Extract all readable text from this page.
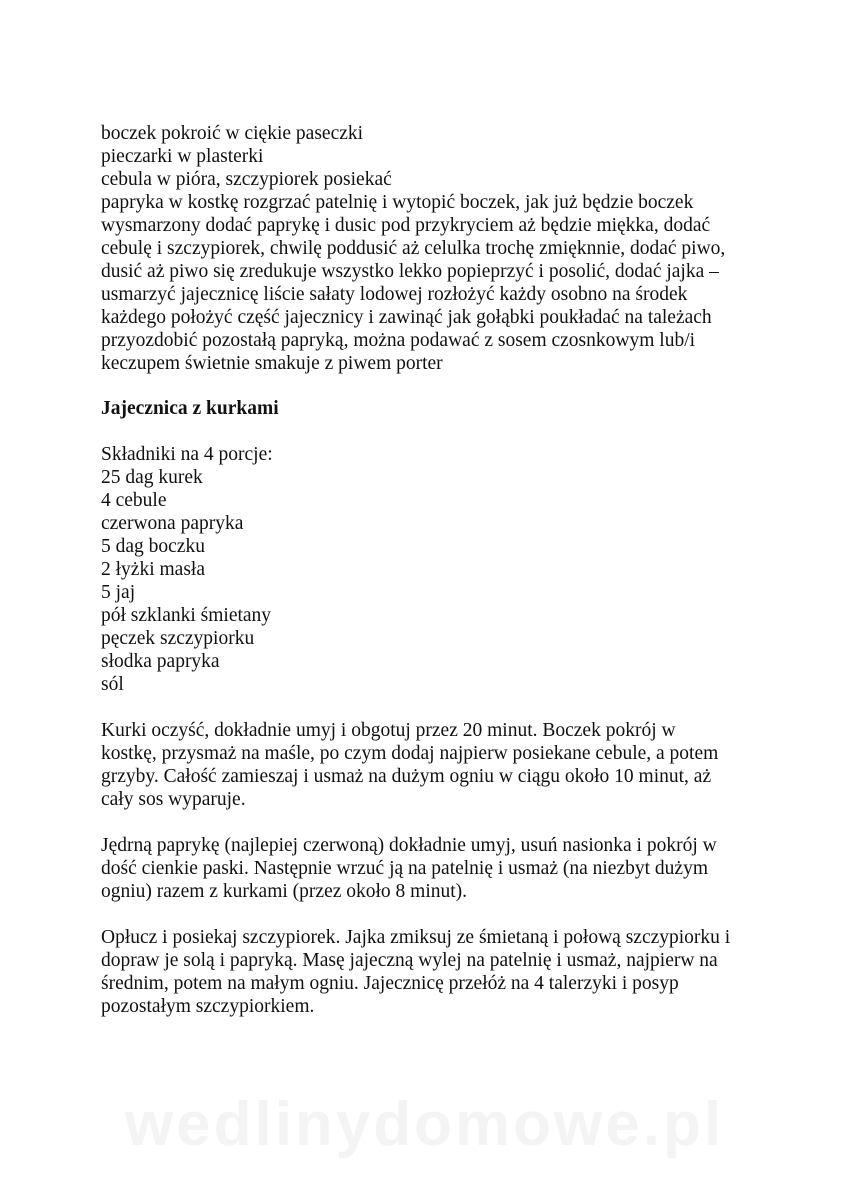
boczek pokroić w ciękie paseczki
pieczarki w plasterki
cebula w pióra, szczypiorek posiekać
papryka w kostkę rozgrzać patelnię i wytopić boczek, jak już będzie boczek
wysmarzony dodać paprykę i dusic pod przykryciem aż będzie miękka, dodać
cebulę i szczypiorek, chwilę poddusić aż celulka trochę zmięknnie, dodać piwo,
dusić aż piwo się zredukuje wszystko lekko popieprzyć i posolić, dodać jajka –
usmarzyć jajecznicę liście sałaty lodowej rozłożyć każdy osobno na środek
każdego położyć część jajecznicy i zawinąć jak gołąbki poukładać na talеżach
przyozdobić pozostałą papryką, można podawać z sosem czosnkowym lub/i
keczupem świetnie smakuje z piwem porter
Jajecznica z kurkami
Składniki na 4 porcje:
25 dag kurek
4 cebule
czerwona papryka
5 dag boczku
2 łyżki masła
5 jaj
pół szklanki śmietany
pęczek szczypiorku
słodka papryka
sól
Kurki oczyść, dokładnie umyj i obgotuj przez 20 minut. Boczek pokrój w
kostkę, przysmaż na maśle, po czym dodaj najpierw posiekane cebule, a potem
grzyby. Całość zamieszaj i usmaż na dużym ogniu w ciągu około 10 minut, aż
cały sos wyparuje.
Jędrną paprykę (najlepiej czerwoną) dokładnie umyj, usuń nasionka i pokrój w
dość cienkie paski. Następnie wrzuć ją na patelnię i usmaż (na niezbyt dużym
ogniu) razem z kurkami (przez około 8 minut).
Opłucz i posiekaj szczypiorek. Jajka zmiksuj ze śmietaną i połową szczypiorku i
dopraw je solą i papryką. Masę jajeczną wylej na patelnię i usmaż, najpierw na
średnim, potem na małym ogniu. Jajecznicę przełóż na 4 talerzyki i posyp
pozostałym szczypiorkiem.
wedlinydomowe.pl
